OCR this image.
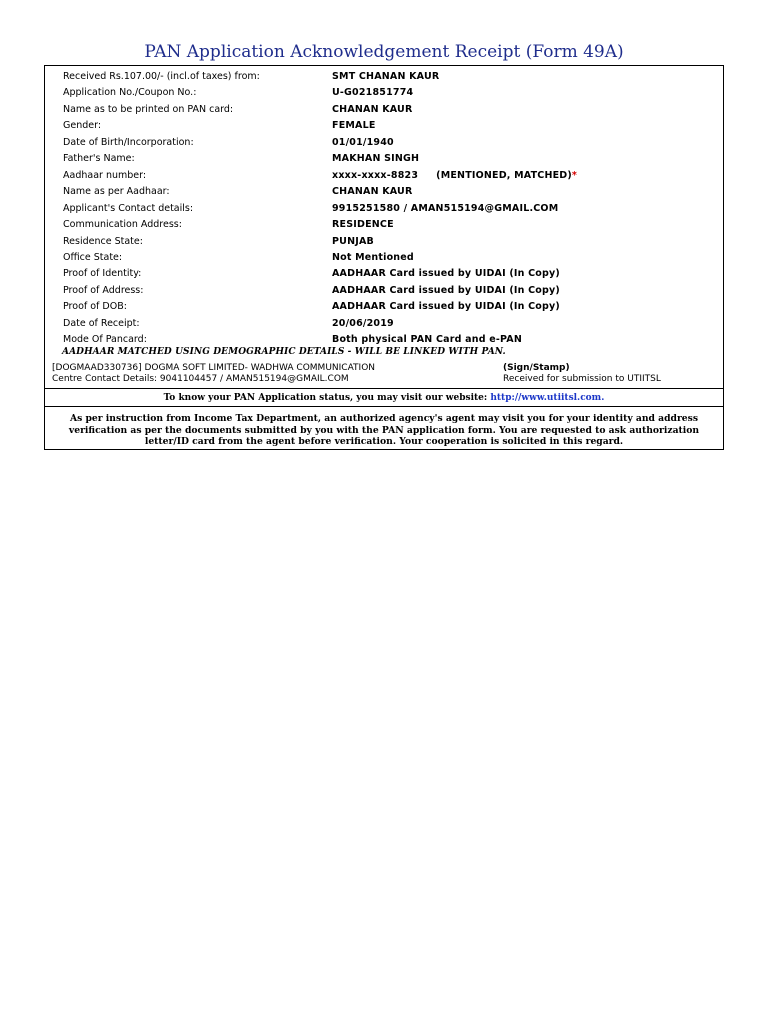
PAN Application Acknowledgement Receipt (Form 49A)
Received Rs.107.00/- (incl.of taxes) from:	SMT CHANAN KAUR
Application No./Coupon No.:	U-G021851774
Name as to be printed on PAN card:	CHANAN KAUR
Gender:	FEMALE
Date of Birth/Incorporation:	01/01/1940
Father's Name:	MAKHAN SINGH
Aadhaar number:	xxxx-xxxx-8823 (MENTIONED, MATCHED)*
Name as per Aadhaar:	CHANAN KAUR
Applicant's Contact details:	9915251580 / AMAN515194@GMAIL.COM
Communication Address:	RESIDENCE
Residence State:	PUNJAB
Office State:	Not Mentioned
Proof of Identity:	AADHAAR Card issued by UIDAI (In Copy)
Proof of Address:	AADHAAR Card issued by UIDAI (In Copy)
Proof of DOB:	AADHAAR Card issued by UIDAI (In Copy)
Date of Receipt:	20/06/2019
Mode Of Pancard:	Both physical PAN Card and e-PAN
AADHAAR MATCHED USING DEMOGRAPHIC DETAILS - WILL BE LINKED WITH PAN.
[DOGMAAD330736] DOGMA SOFT LIMITED- WADHWA COMMUNICATION
Centre Contact Details: 9041104457 / AMAN515194@GMAIL.COM
(Sign/Stamp)
Received for submission to UTIITSL
To know your PAN Application status, you may visit our website: http://www.utiitsl.com.
As per instruction from Income Tax Department, an authorized agency's agent may visit you for your identity and address verification as per the documents submitted by you with the PAN application form. You are requested to ask authorization letter/ID card from the agent before verification. Your cooperation is solicited in this regard.
